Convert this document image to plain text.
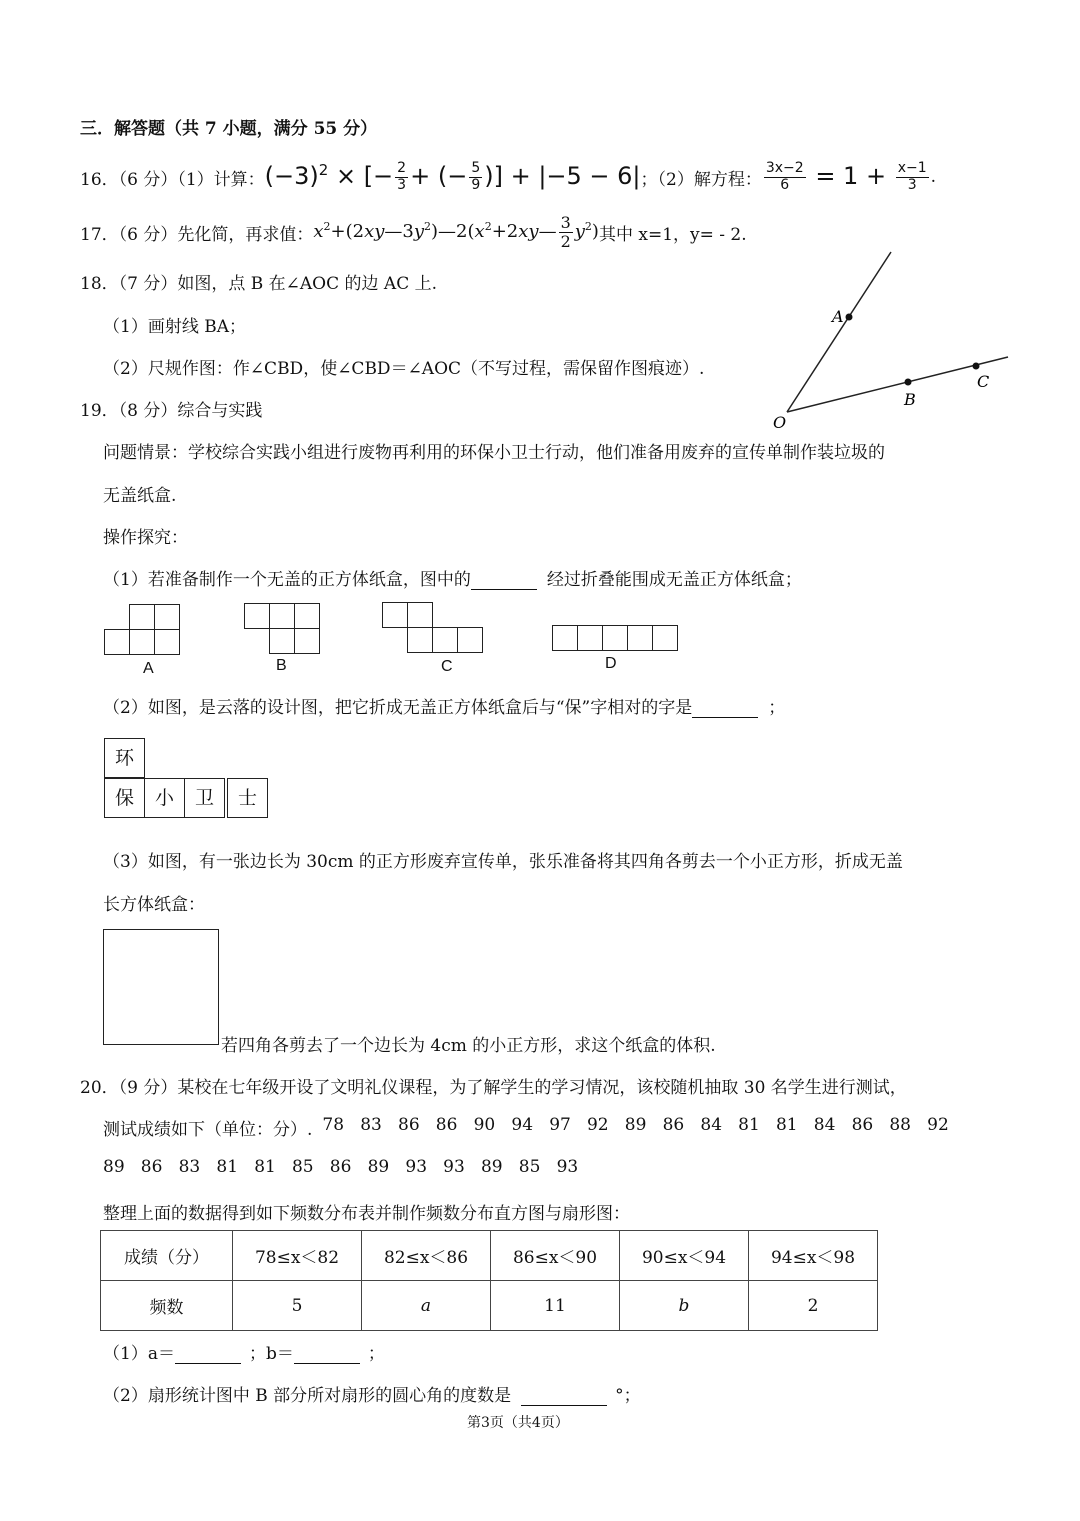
三．解答题（共 7 小题，满分 55 分）
16．（6 分）（1）计算： $(-3)^2$ × [− $\frac{2}{3}$ + (− $\frac{5}{9}$ )] + |−5 − 6| ；（2）解方程： $\frac{3x-2}{6} = 1 + \frac{x-1}{3}$ .
17．（6 分）先化简，再求值： $x^2+(2xy—3y^2)—2(x^2+2xy— \frac{3}{2} y^2)$ 其中 x=1，y= - 2.
18．（7 分）如图，点 B 在∠AOC 的边 AC 上.
（1）画射线 BA；
（2）尺规作图：作∠CBD，使∠CBD＝∠AOC（不写过程，需保留作图痕迹）.
A
O
B
C
19．（8 分）综合与实践
问题情景：学校综合实践小组进行废物再利用的环保小卫士行动，他们准备用废弃的宣传单制作装垃圾的
无盖纸盒.
操作探究：
（1）若准备制作一个无盖的正方体纸盒，图中的	经过折叠能围成无盖正方体纸盒；
A	B	C	D
（2）如图，是云落的设计图，把它折成无盖正方体纸盒后与“保”字相对的字是	；
环
保	小	卫	士
（3）如图，有一张边长为 30cm 的正方形废弃宣传单，张乐准备将其四角各剪去一个小正方形，折成无盖
长方体纸盒：
若四角各剪去了一个边长为 4cm 的小正方形，求这个纸盒的体积.
20．（9 分）某校在七年级开设了文明礼仪课程，为了解学生的学习情况，该校随机抽取 30 名学生进行测试，
测试成绩如下（单位：分）. 78 83 86 86 90 94 97 92 89 86 84 81 81 84 86 88 92
89 86 83 81 81 85 86 89 93 93 89 85 93
整理上面的数据得到如下频数分布表并制作频数分布直方图与扇形图：
成绩（分）	78≤x＜82	82≤x＜86	86≤x＜90	90≤x＜94	94≤x＜98
频数	5	a	11	b	2
（1）a＝	；b＝	；
（2）扇形统计图中 B 部分所对扇形的圆心角的度数是	°；
第3页（共4页）
